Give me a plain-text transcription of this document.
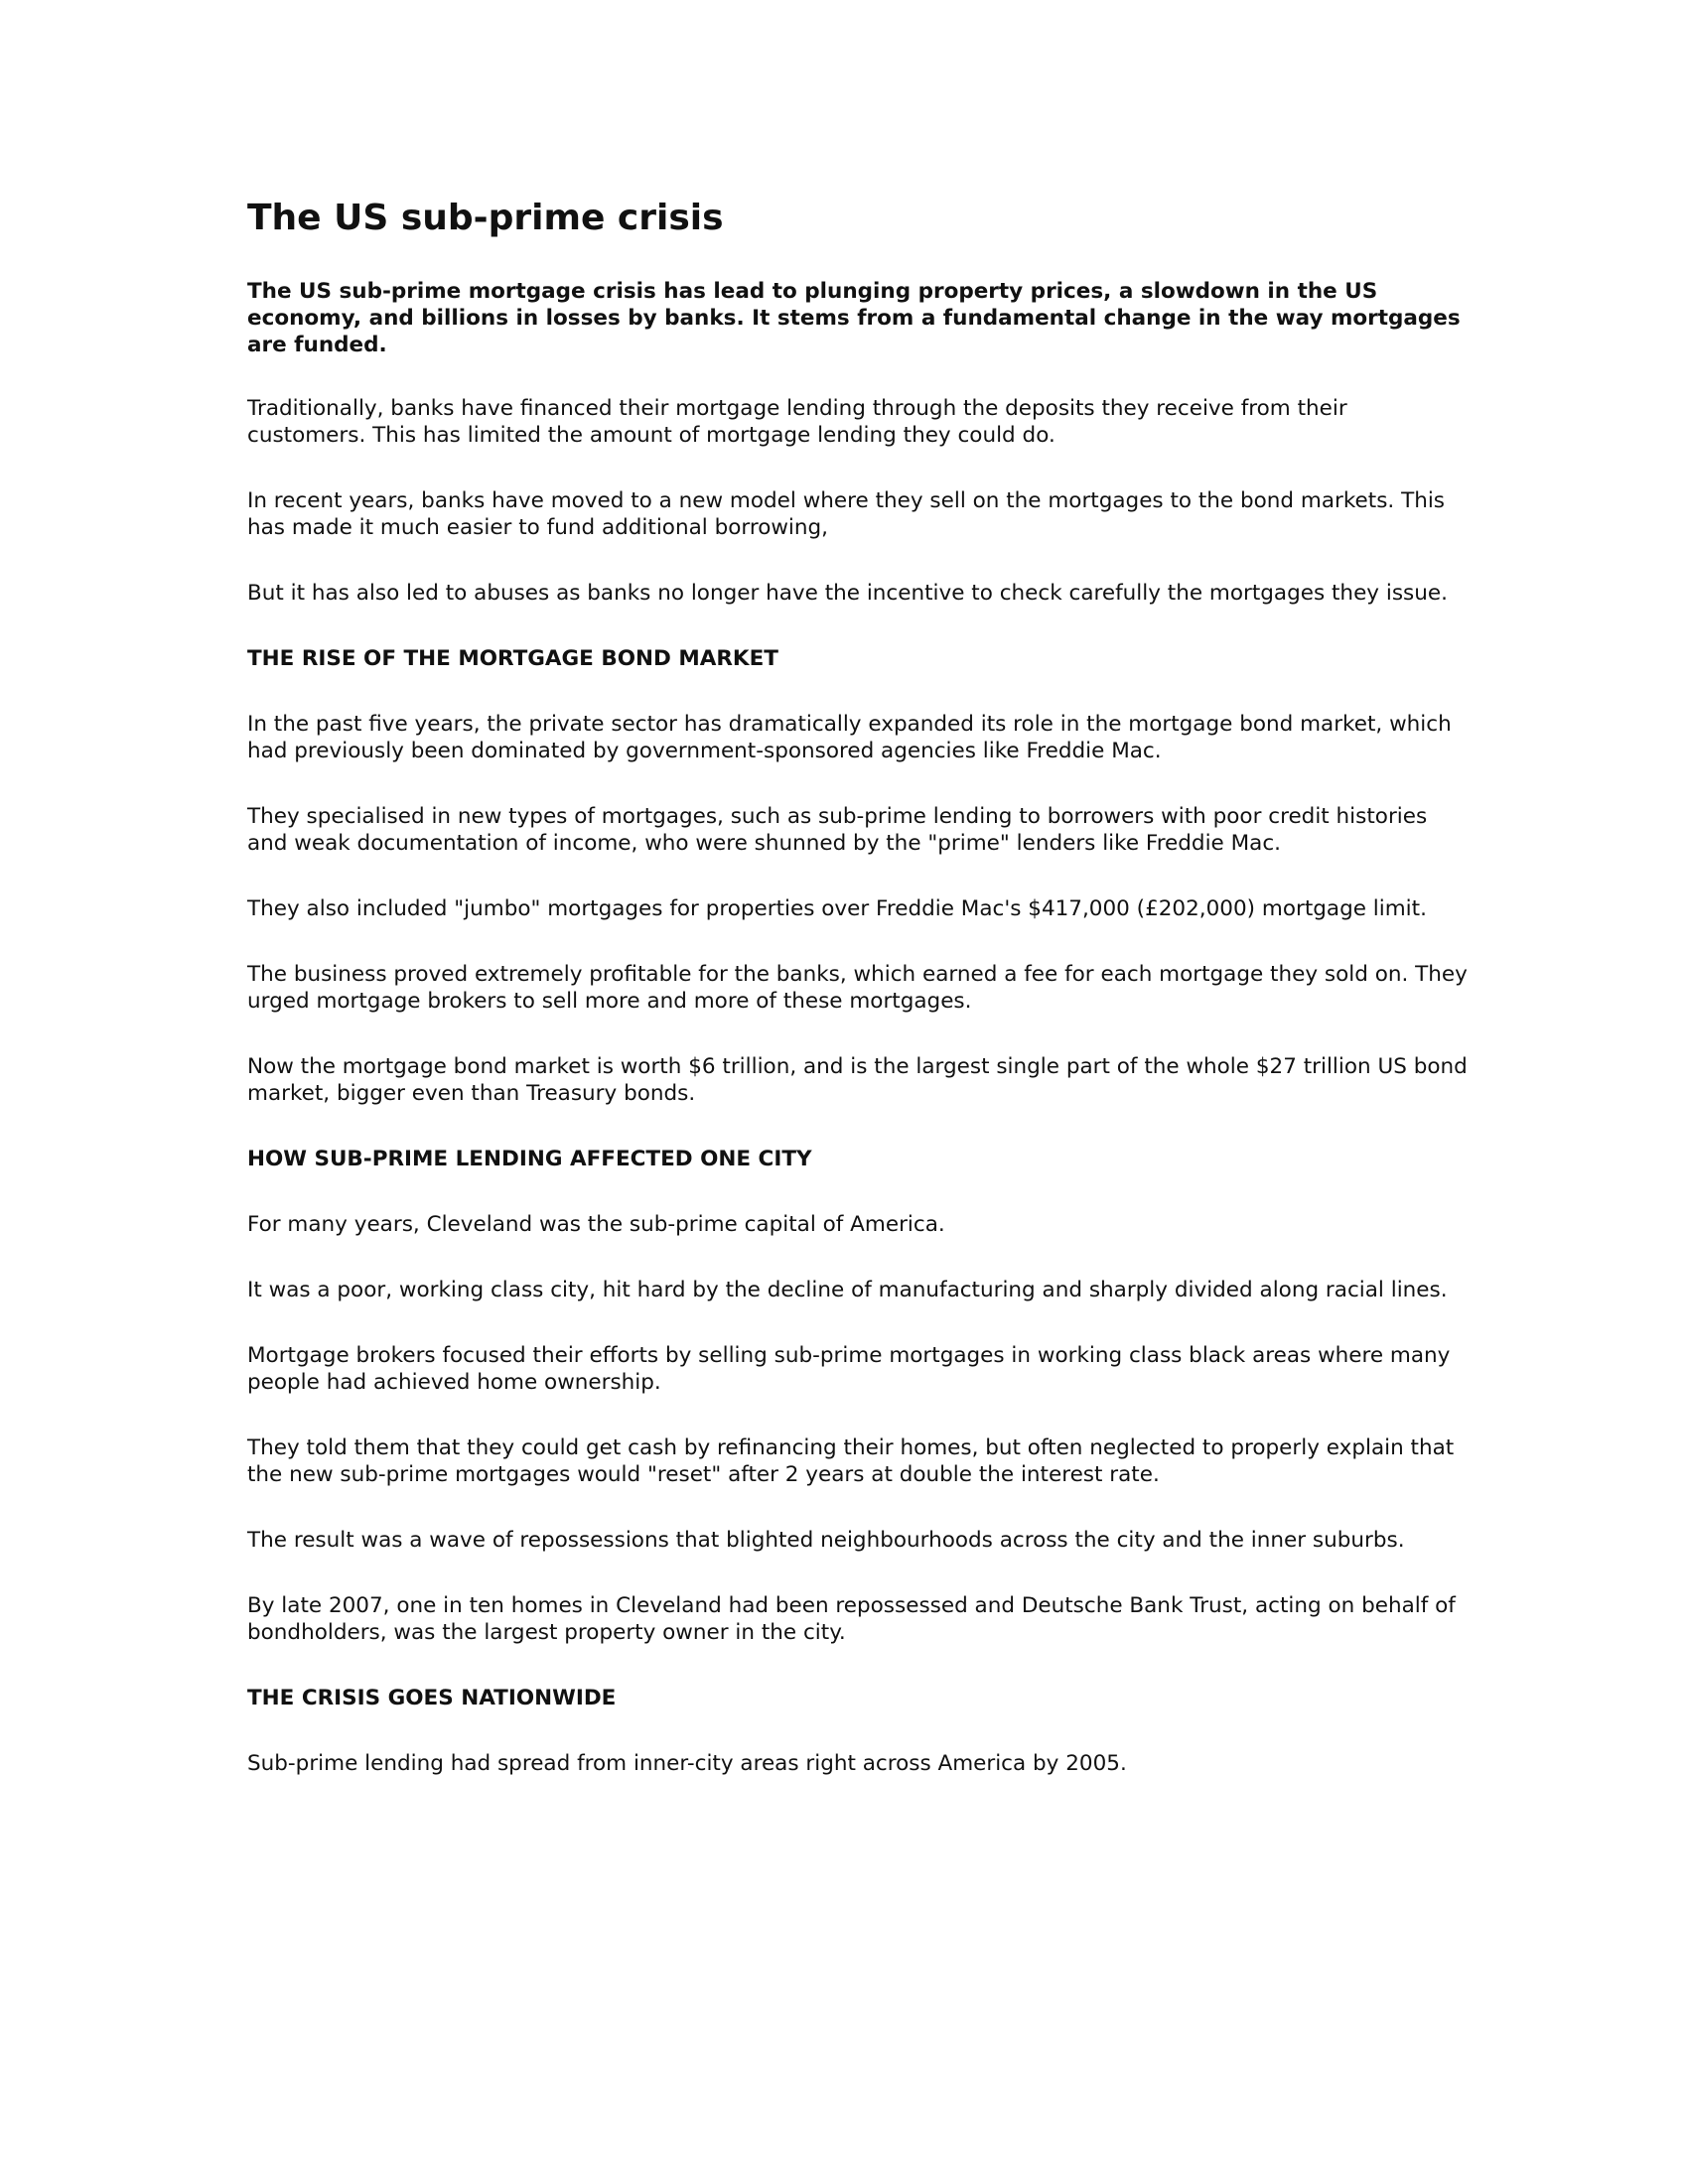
The US sub-prime crisis

The US sub-prime mortgage crisis has lead to plunging property prices, a slowdown in the US economy, and billions in losses by banks. It stems from a fundamental change in the way mortgages are funded.

Traditionally, banks have financed their mortgage lending through the deposits they receive from their customers. This has limited the amount of mortgage lending they could do.

In recent years, banks have moved to a new model where they sell on the mortgages to the bond markets. This has made it much easier to fund additional borrowing,

But it has also led to abuses as banks no longer have the incentive to check carefully the mortgages they issue.

THE RISE OF THE MORTGAGE BOND MARKET

In the past five years, the private sector has dramatically expanded its role in the mortgage bond market, which had previously been dominated by government-sponsored agencies like Freddie Mac.

They specialised in new types of mortgages, such as sub-prime lending to borrowers with poor credit histories and weak documentation of income, who were shunned by the "prime" lenders like Freddie Mac.

They also included "jumbo" mortgages for properties over Freddie Mac's $417,000 (£202,000) mortgage limit.

The business proved extremely profitable for the banks, which earned a fee for each mortgage they sold on. They urged mortgage brokers to sell more and more of these mortgages.

Now the mortgage bond market is worth $6 trillion, and is the largest single part of the whole $27 trillion US bond market, bigger even than Treasury bonds.

HOW SUB-PRIME LENDING AFFECTED ONE CITY

For many years, Cleveland was the sub-prime capital of America.

It was a poor, working class city, hit hard by the decline of manufacturing and sharply divided along racial lines.

Mortgage brokers focused their efforts by selling sub-prime mortgages in working class black areas where many people had achieved home ownership.

They told them that they could get cash by refinancing their homes, but often neglected to properly explain that the new sub-prime mortgages would "reset" after 2 years at double the interest rate.

The result was a wave of repossessions that blighted neighbourhoods across the city and the inner suburbs.

By late 2007, one in ten homes in Cleveland had been repossessed and Deutsche Bank Trust, acting on behalf of bondholders, was the largest property owner in the city.

THE CRISIS GOES NATIONWIDE

Sub-prime lending had spread from inner-city areas right across America by 2005.
